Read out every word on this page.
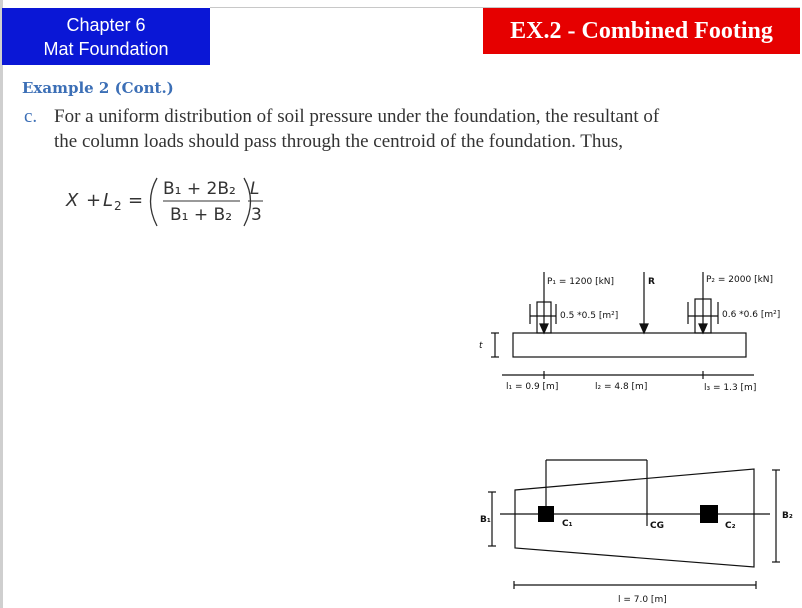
Chapter 6
Mat Foundation
EX.2 - Combined Footing
Example 2 (Cont.)
c. For a uniform distribution of soil pressure under the foundation, the resultant of
the column loads should pass through the centroid of the foundation. Thus,
X + L 2 =
B₁ + 2B₂
B₁ + B₂
L
3
P₁ = 1200 [kN]	R	P₂ = 2000 [kN]
0.5 *0.5 [m²]	0.6 *0.6 [m²]
t
l₁ = 0.9 [m]	l₂ = 4.8 [m]	l₃ = 1.3 [m]
B₁	B₂
C₁	CG	C₂
l = 7.0 [m]
